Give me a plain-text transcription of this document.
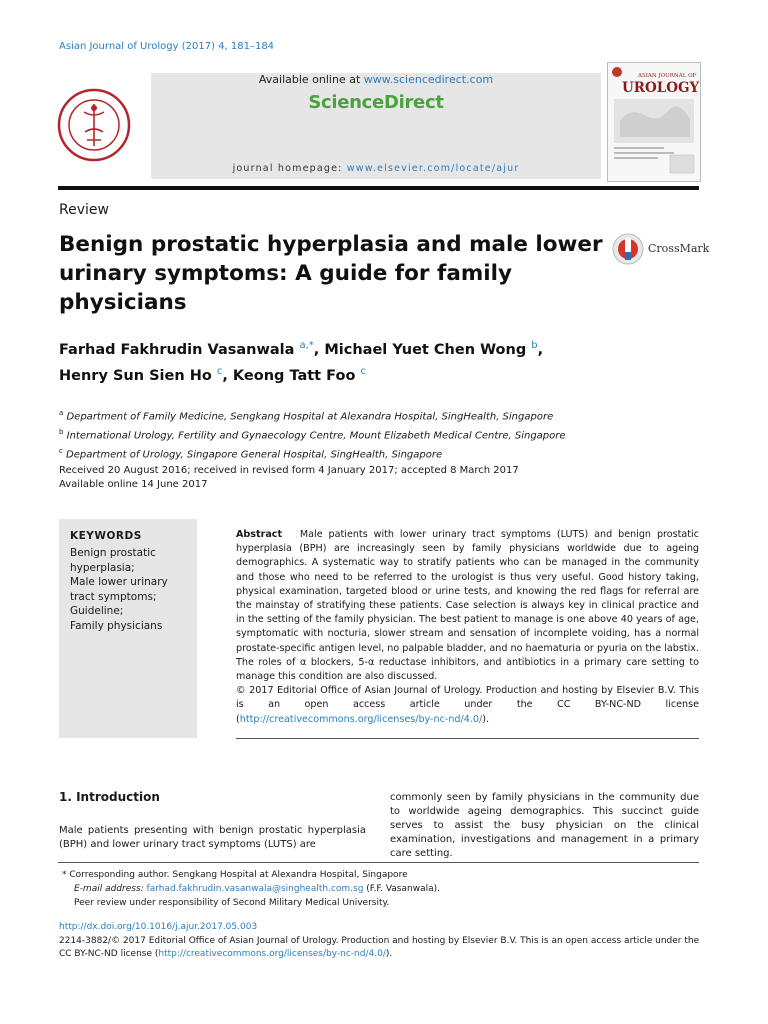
Asian Journal of Urology (2017) 4, 181–184
Available online at www.sciencedirect.com
ScienceDirect
journal homepage: www.elsevier.com/locate/ajur
ASIAN JOURNAL OF
UROLOGY
Review
Benign prostatic hyperplasia and male lower urinary symptoms: A guide for family physicians
CrossMark
Farhad Fakhrudin Vasanwala $^{a,*}$, Michael Yuet Chen Wong $^b$,
Henry Sun Sien Ho $^c$, Keong Tatt Foo $^c$
$^a$ Department of Family Medicine, Sengkang Hospital at Alexandra Hospital, SingHealth, Singapore
$^b$ International Urology, Fertility and Gynaecology Centre, Mount Elizabeth Medical Centre, Singapore
$^c$ Department of Urology, Singapore General Hospital, SingHealth, Singapore
Received 20 August 2016; received in revised form 4 January 2017; accepted 8 March 2017
Available online 14 June 2017
KEYWORDS
Benign prostatic hyperplasia;
Male lower urinary tract symptoms;
Guideline;
Family physicians
Abstract Male patients with lower urinary tract symptoms (LUTS) and benign prostatic hyperplasia (BPH) are increasingly seen by family physicians worldwide due to ageing demographics. A systematic way to stratify patients who can be managed in the community and those who need to be referred to the urologist is thus very useful. Good history taking, physical examination, targeted blood or urine tests, and knowing the red flags for referral are the mainstay of stratifying these patients. Case selection is always key in clinical practice and in the setting of the family physician. The best patient to manage is one above 40 years of age, symptomatic with nocturia, slower stream and sensation of incomplete voiding, has a normal prostate-specific antigen level, no palpable bladder, and no haematuria or pyuria on the labstix. The roles of α blockers, 5-α reductase inhibitors, and antibiotics in a primary care setting to manage this condition are also discussed.
© 2017 Editorial Office of Asian Journal of Urology. Production and hosting by Elsevier B.V. This is an open access article under the CC BY-NC-ND license (http://creativecommons.org/licenses/by-nc-nd/4.0/).
1. Introduction
Male patients presenting with benign prostatic hyperplasia (BPH) and lower urinary tract symptoms (LUTS) are
commonly seen by family physicians in the community due to worldwide ageing demographics. This succinct guide serves to assist the busy physician on the clinical examination, investigations and management in a primary care setting.
* Corresponding author. Sengkang Hospital at Alexandra Hospital, Singapore
E-mail address: farhad.fakhrudin.vasanwala@singhealth.com.sg (F.F. Vasanwala).
Peer review under responsibility of Second Military Medical University.
http://dx.doi.org/10.1016/j.ajur.2017.05.003
2214-3882/© 2017 Editorial Office of Asian Journal of Urology. Production and hosting by Elsevier B.V. This is an open access article under the CC BY-NC-ND license (http://creativecommons.org/licenses/by-nc-nd/4.0/).
